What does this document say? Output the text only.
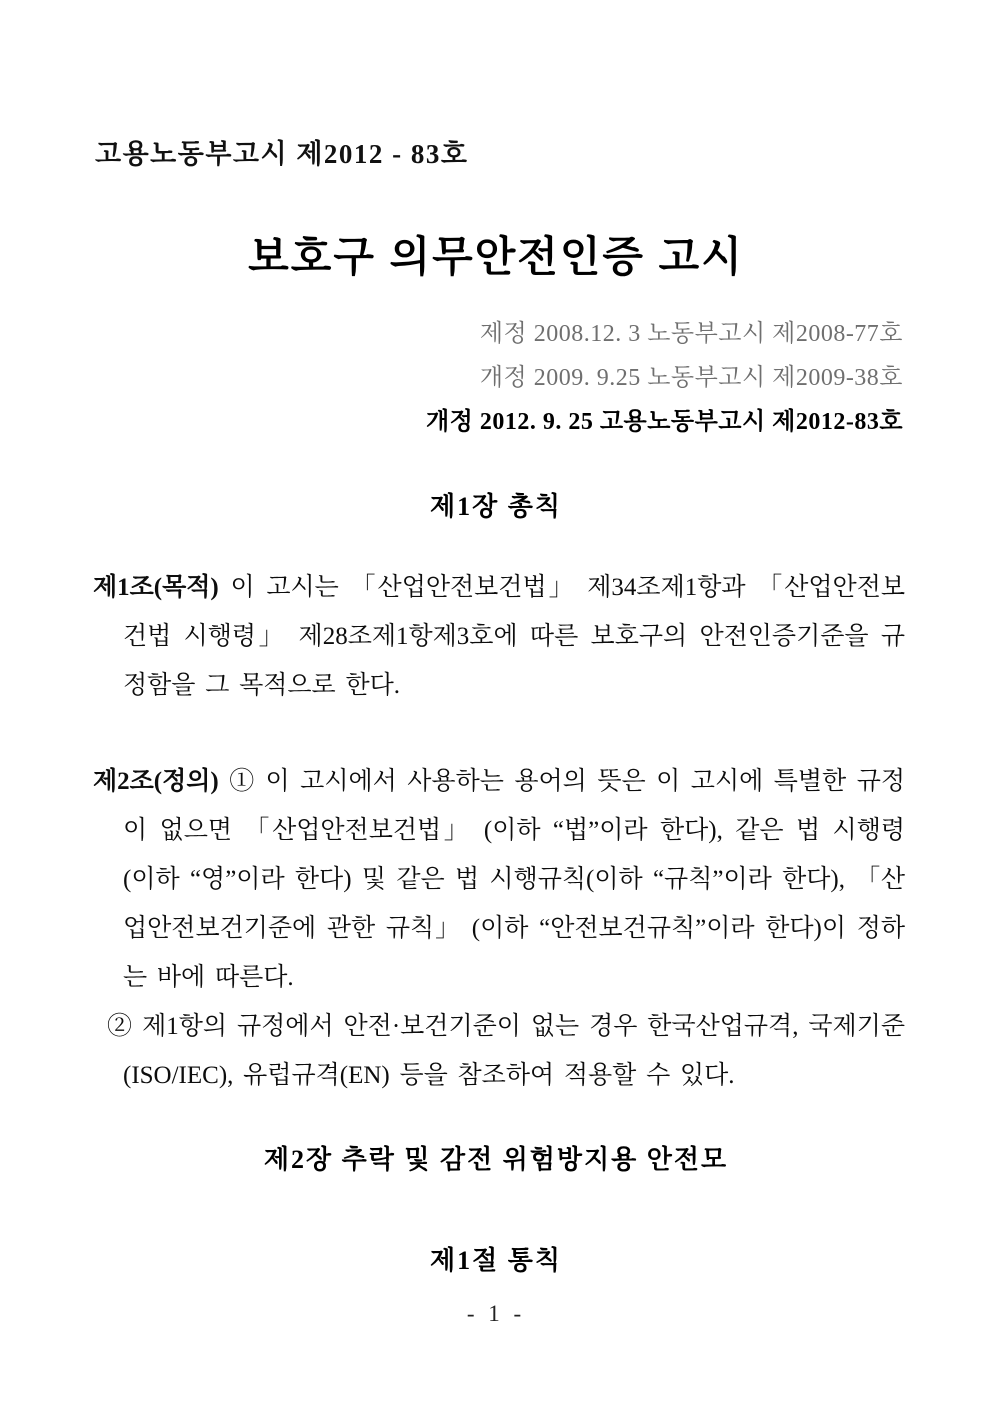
고용노동부고시 제2012 - 83호
보호구 의무안전인증 고시
제정 2008.12. 3 노동부고시 제2008-77호
개정 2009. 9.25 노동부고시 제2009-38호
개정 2012. 9. 25 고용노동부고시 제2012-83호
제1장 총칙

제1조(목적) 이 고시는 「산업안전보건법」 제34조제1항과 「산업안전보건법 시행령」 제28조제1항제3호에 따른 보호구의 안전인증기준을 규정함을 그 목적으로 한다.

제2조(정의) ① 이 고시에서 사용하는 용어의 뜻은 이 고시에 특별한 규정이 없으면 「산업안전보건법」 (이하 “법”이라 한다), 같은 법 시행령(이하 “영”이라 한다) 및 같은 법 시행규칙(이하 “규칙”이라 한다), 「산업안전보건기준에 관한 규칙」 (이하 “안전보건규칙”이라 한다)이 정하는 바에 따른다.

② 제1항의 규정에서 안전·보건기준이 없는 경우 한국산업규격, 국제기준(ISO/IEC), 유럽규격(EN) 등을 참조하여 적용할 수 있다.

제2장 추락 및 감전 위험방지용 안전모
제1절 통칙
- 1 -
